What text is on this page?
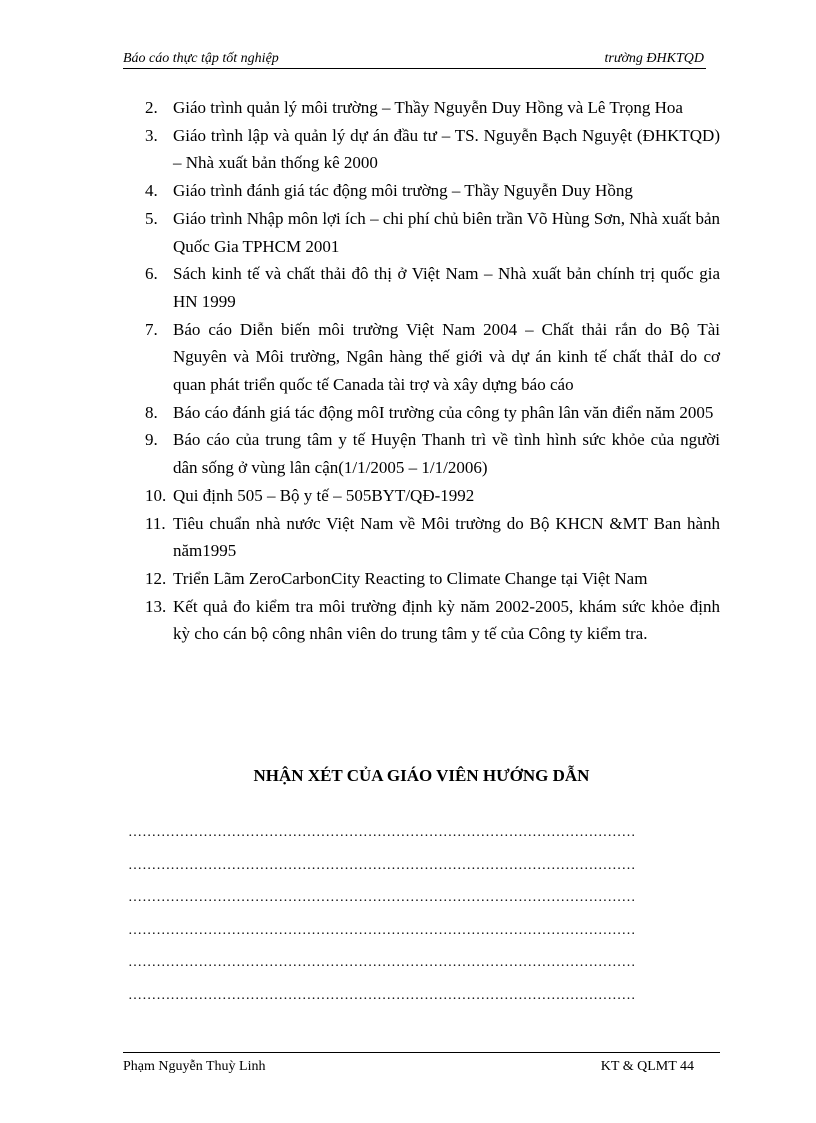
Báo cáo thực tập tốt nghiệp	trường ĐHKTQD
2. Giáo trình quản lý môi trường – Thầy Nguyễn Duy Hồng và Lê Trọng Hoa
3. Giáo trình lập và quản lý dự án đầu tư – TS. Nguyễn Bạch Nguyệt (ĐHKTQD) – Nhà xuất bản thống kê 2000
4. Giáo trình đánh giá tác động môi trường – Thầy Nguyễn Duy Hồng
5. Giáo trình Nhập môn lợi ích – chi phí chủ biên trần Võ Hùng Sơn, Nhà xuất bản Quốc Gia TPHCM 2001
6. Sách kinh tế và chất thải đô thị ở Việt Nam – Nhà xuất bản chính trị quốc gia HN 1999
7. Báo cáo Diễn biến môi trường Việt Nam 2004 – Chất thải rắn do Bộ Tài Nguyên và Môi trường, Ngân hàng thế giới và dự án kinh tế chất thảI do cơ quan phát triển quốc tế Canada tài trợ và xây dựng báo cáo
8. Báo cáo đánh giá tác động môI trường của công ty phân lân văn điển năm 2005
9. Báo cáo của trung tâm y tế Huyện Thanh trì về tình hình sức khỏe của người dân sống ở vùng lân cận(1/1/2005 – 1/1/2006)
10. Qui định 505 – Bộ y tế – 505BYT/QĐ-1992
11. Tiêu chuẩn nhà nước Việt Nam về Môi trường do Bộ KHCN &MT Ban hành năm1995
12. Triển Lãm ZeroCarbonCity Reacting to Climate Change tại Việt Nam
13. Kết quả đo kiểm tra môi trường định kỳ năm 2002-2005, khám sức khỏe định kỳ cho cán bộ công nhân viên do trung tâm y tế của Công ty kiểm tra.
NHẬN XÉT CỦA GIÁO VIÊN HƯỚNG DẪN
………………………………………………………………………………………………
………………………………………………………………………………………………
………………………………………………………………………………………………
………………………………………………………………………………………………
………………………………………………………………………………………………
………………………………………………………………………………………………
Phạm Nguyễn Thuỳ Linh	KT & QLMT 44
